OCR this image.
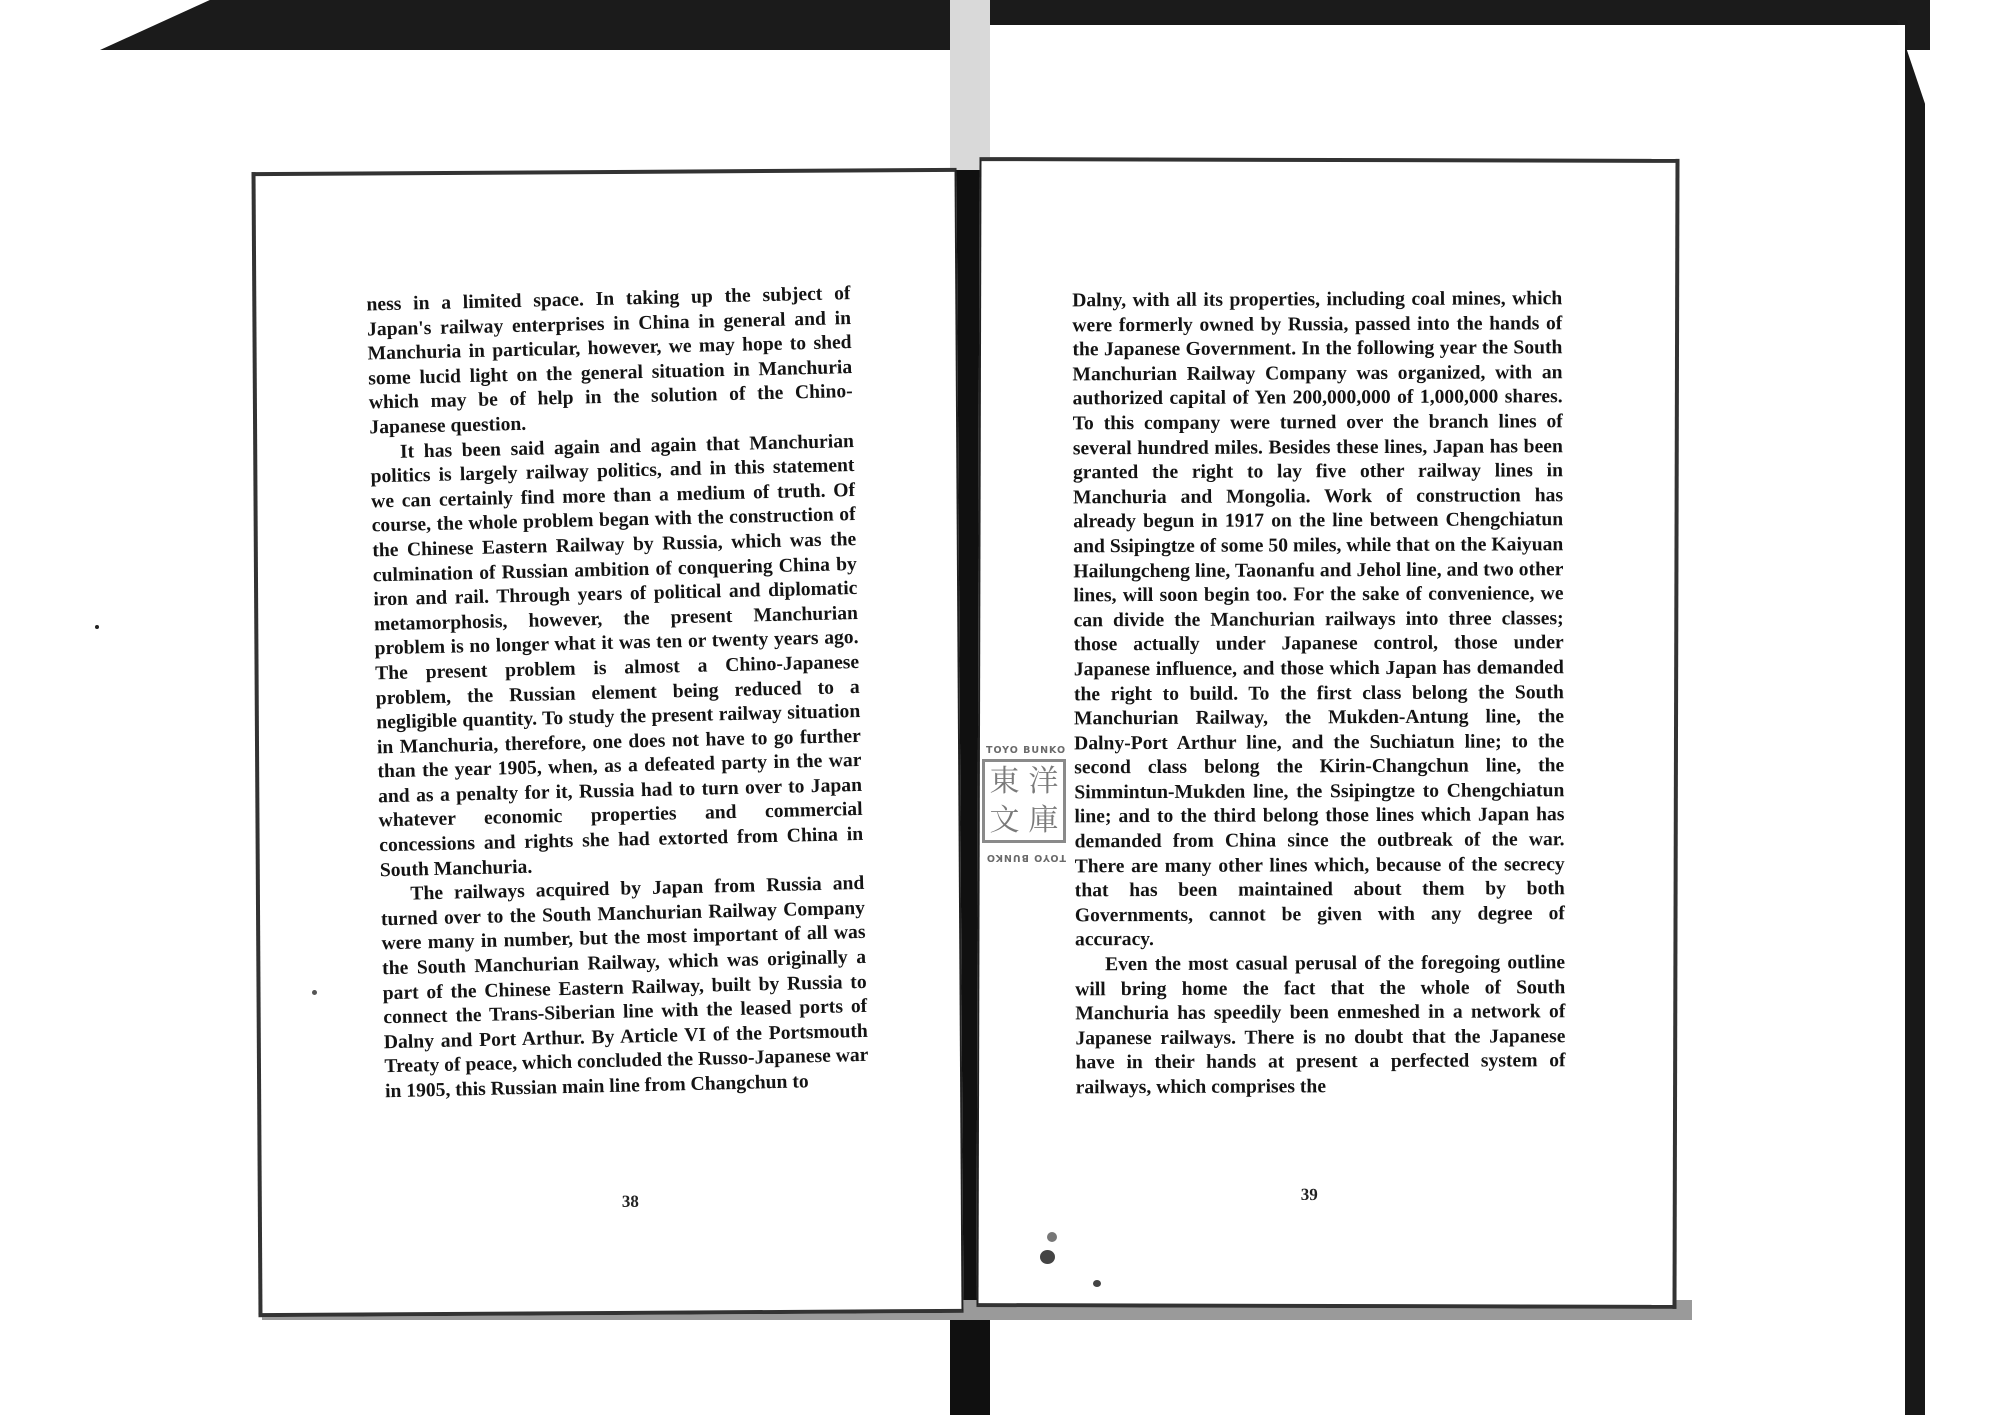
ness in a limited space. In taking up the subject of Japan's railway enterprises in China in general and in Manchuria in particular, however, we may hope to shed some lucid light on the general situation in Manchuria which may be of help in the solution of the Chino-Japanese question.

It has been said again and again that Manchurian politics is largely railway politics, and in this statement we can certainly find more than a medium of truth. Of course, the whole problem began with the construction of the Chinese Eastern Railway by Russia, which was the culmination of Russian ambition of conquering China by iron and rail. Through years of political and diplomatic metamorphosis, however, the present Manchurian problem is no longer what it was ten or twenty years ago. The present problem is almost a Chino-Japanese problem, the Russian element being reduced to a negligible quantity. To study the present railway situation in Manchuria, therefore, one does not have to go further than the year 1905, when, as a defeated party in the war and as a penalty for it, Russia had to turn over to Japan whatever economic properties and commercial concessions and rights she had extorted from China in South Manchuria.

The railways acquired by Japan from Russia and turned over to the South Manchurian Railway Company were many in number, but the most important of all was the South Manchurian Railway, which was originally a part of the Chinese Eastern Railway, built by Russia to connect the Trans-Siberian line with the leased ports of Dalny and Port Arthur. By Article VI of the Portsmouth Treaty of peace, which concluded the Russo-Japanese war in 1905, this Russian main line from Changchun to

38

Dalny, with all its properties, including coal mines, which were formerly owned by Russia, passed into the hands of the Japanese Government. In the following year the South Manchurian Railway Company was organized, with an authorized capital of Yen 200,000,000 of 1,000,000 shares. To this company were turned over the branch lines of several hundred miles. Besides these lines, Japan has been granted the right to lay five other railway lines in Manchuria and Mongolia. Work of construction has already begun in 1917 on the line between Chengchiatun and Ssipingtze of some 50 miles, while that on the Kaiyuan Hailungcheng line, Taonanfu and Jehol line, and two other lines, will soon begin too. For the sake of convenience, we can divide the Manchurian railways into three classes; those actually under Japanese control, those under Japanese influence, and those which Japan has demanded the right to build. To the first class belong the South Manchurian Railway, the Mukden-Antung line, the Dalny-Port Arthur line, and the Suchiatun line; to the second class belong the Kirin-Changchun line, the Simmintun-Mukden line, the Ssipingtze to Chengchiatun line; and to the third belong those lines which Japan has demanded from China since the outbreak of the war. There are many other lines which, because of the secrecy that has been maintained about them by both Governments, cannot be given with any degree of accuracy.

Even the most casual perusal of the foregoing outline will bring home the fact that the whole of South Manchuria has speedily been enmeshed in a network of Japanese railways. There is no doubt that the Japanese have in their hands at present a perfected system of railways, which comprises the

39
TOYO BUNKO
東 洋
文 庫
TOYO BUNKO
